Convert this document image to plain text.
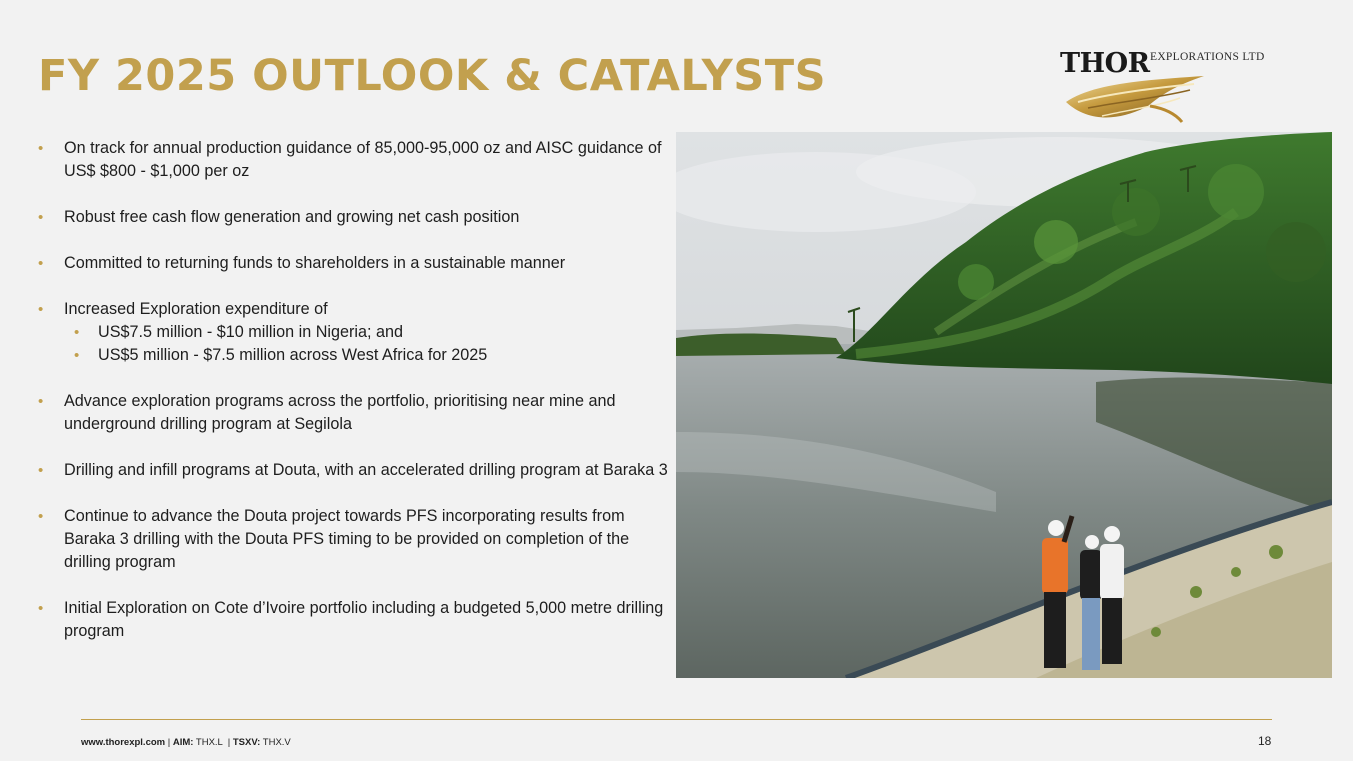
FY 2025 OUTLOOK & CATALYSTS	THOR EXPLORATIONS LTD
• On track for annual production guidance of 85,000-95,000 oz and AISC guidance of US$ $800 - $1,000 per oz
• Robust free cash flow generation and growing net cash position
• Committed to returning funds to shareholders in a sustainable manner
• Increased Exploration expenditure of
• US$7.5 million - $10 million in Nigeria; and
• US$5 million - $7.5 million across West Africa for 2025
• Advance exploration programs across the portfolio, prioritising near mine and underground drilling program at Segilola
• Drilling and infill programs at Douta, with an accelerated drilling program at Baraka 3
• Continue to advance the Douta project towards PFS incorporating results from Baraka 3 drilling with the Douta PFS timing to be provided on completion of the drilling program
• Initial Exploration on Cote d’Ivoire portfolio including a budgeted 5,000 metre drilling program
www.thorexpl.com | AIM: THX.L | TSXV: THX.V	18
